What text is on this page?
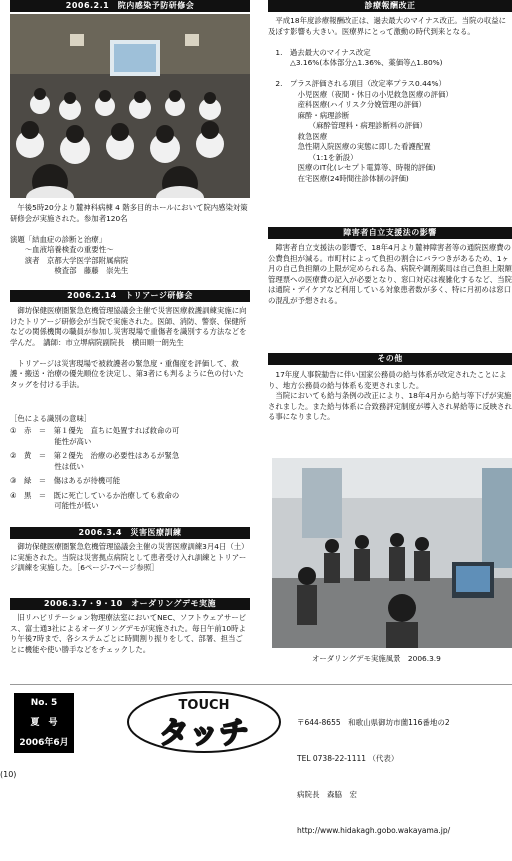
2006.2.1　院内感染予防研修会

　午後5時20分より麓神科病棟 4 階多目的ホールにおいて院内感染対策研修会が実施された。参加者120名

演題「結血症の診断と治療」
　　～血液培養検査の重要性～
　　演者　京都大学医学部附属病院
　　　　　　検査部　藤藤　崇先生

2006.2.14　トリアージ研修会

　御坊保健医療圏緊急危機管理協議会主催で災害医療救護訓練実施に向けたトリアージ研修会が当院で実施された。医師、消防、警察、保健所などの関係機関の職員が参加し災害現場で重傷者を識別する方法などを学んだ。　講師：市立堺病院副院長　横田順一朗先生

　トリアージは災害現場で被救護者の緊急度・重傷度を評価して、救護・搬送・治療の優先順位を決定し、第3者にも判るように色の付いたタッグを付ける手法。

［色による識別の意味］

①　赤　＝　第１優先　直ちに処置すれば救命の可
　　　　　　能性が高い

②　黄　＝　第２優先　治療の必要性はあるが緊急
　　　　　　性は低い

③　緑　＝　傷はあるが待機可能

④　黒　＝　既に死亡しているか治療しても救命の
　　　　　　可能性が低い

2006.3.4　災害医療訓練

　御坊保健医療圏緊急危機管理協議会主催の災害医療訓練3月4日（土）に実施された。当院は災害拠点病院として患者受け入れ訓練とトリアージ訓練を実施した。［6ページ-7ページ参照］

2006.3.7・9・10　オーダリングデモ実施

　旧リハビリテーション物理療法室においてNEC、ソフトウェアサービス、富士通3社によるオーダリングデモが実施された。毎日午前10時より午後7時まで、各システムごとに時間割り振りをして、部署、担当ごとに機能や使い勝手などをチェックした。

診療報酬改正

　平成18年度診療報酬改正は、過去最大のマイナス改正。当院の収益に及ぼす影響も大きい。医療界にとって激動の時代到来となる。

　1.　過去最大のマイナス改定
　　　△3.16%(本体部分△1.36%、薬価等△1.80%)

　2.　プラス評価される項目（改定率プラス0.44%）
　　　　小児医療（夜間・休日の小児救急医療の評価）
　　　　産科医療(ハイリスク分娩管理の評価）
　　　　麻酔・病理診断
　　　　　　（麻酔管理料・病理診断料の評価）
　　　　救急医療
　　　　急性期入院医療の実態に即した看護配置
　　　　　　（1:1を新設）
　　　　医療のIT化(レセプト電算等、時報的評価)
　　　　在宅医療(24時間往診体制の評価)

障害者自立支援法の影響

　障害者自立支援法の影響で、18年4月より麓神障害者等の通院医療費の公費負担が減る。市町村によって負担の割合にバラつきがあるため、1ヶ月の自己負担額の上限が定められる為、病院や調剤薬局は自己負担上限額管理票への医療費の記入が必要となり、窓口対応は複雑化するなど、当院は通院・デイケアなど利用している対象患者数が多く、特に月初めは窓口の混乱が予想される。

その他

　17年度人事院勧告に伴い国家公務員の給与体系が改定されたことにより、地方公務員の給与体系も変更されました。
　当院においても給与条例の改正により、18年4月から給与等下げが実施されました。また給与体系に合致務評定制度が導入され昇給等に反映される事になりました。

オーダリングデモ実施風景　2006.3.9
No. 5
夏　号
2006年6月
TOUCH
タッチ

	〒644-8655　和歌山県御坊市薗116番地の2

TEL 0738-22-1111 （代表）

病院長　森脇　宏

http://www.hidakagh.gobo.wakayama.jp/

(10)
